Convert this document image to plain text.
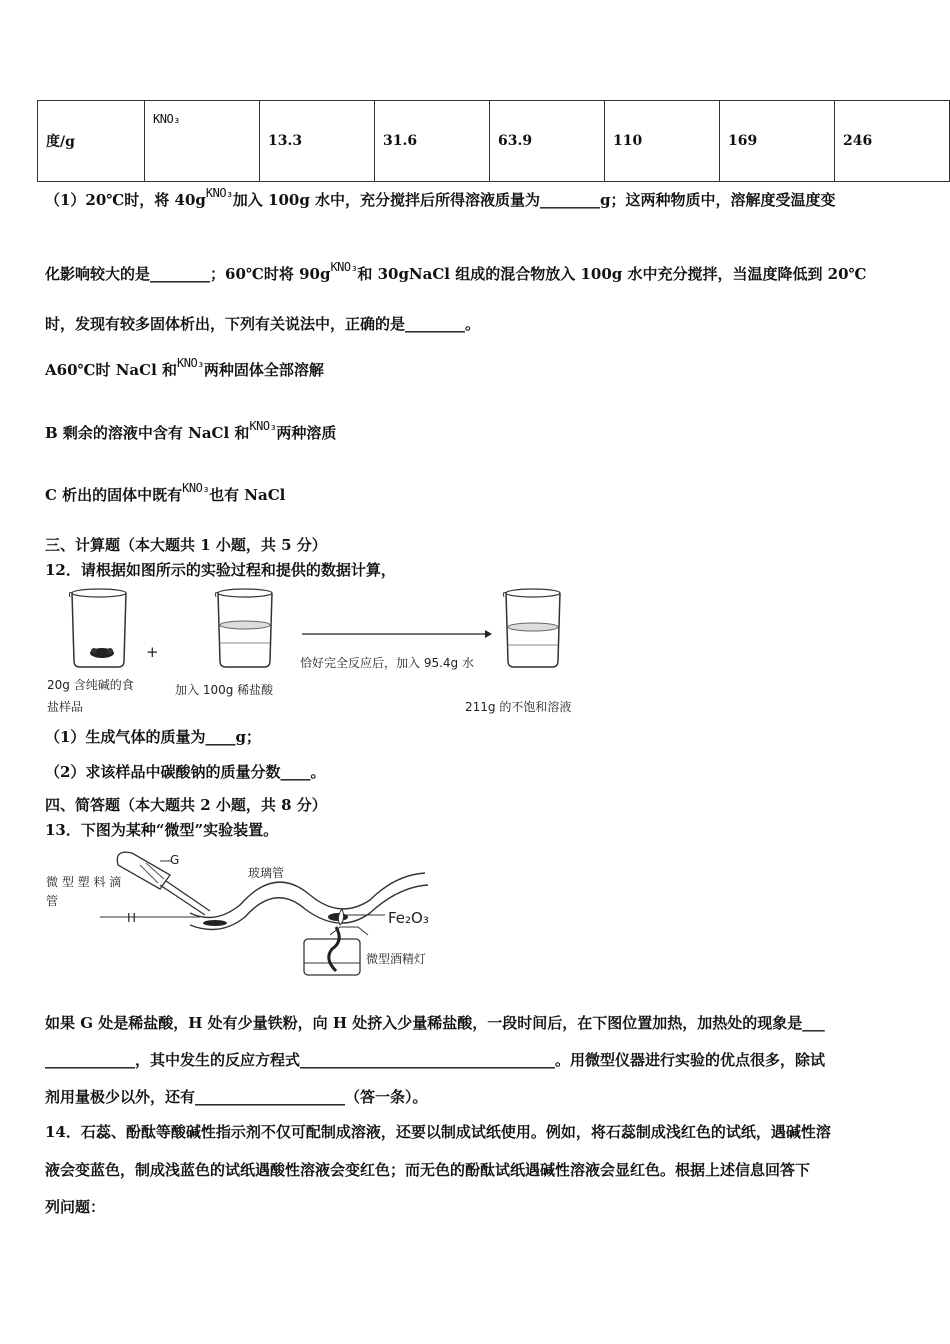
度/g	KNO₃	13.3	31.6	63.9	110	169	246
（1）20℃时，将 $40g^{KNO_3}$加入 100g 水中，充分搅拌后所得溶液质量为________g；这两种物质中，溶解度受温度变
化影响较大的是________；60℃时将 $90g^{KNO_3}$和 30gNaCl 组成的混合物放入 100g 水中充分搅拌，当温度降低到 20℃
时，发现有较多固体析出，下列有关说法中，正确的是________。
A60℃时 NaCl 和$^{KNO_3}$两种固体全部溶解
B 剩余的溶液中含有 NaCl 和$^{KNO_3}$两种溶质
C 析出的固体中既有$^{KNO_3}$也有 NaCl
三、计算题（本大题共 1 小题，共 5 分）
12．请根据如图所示的实验过程和提供的数据计算，
+
20g 含纯碱的食
盐样品
加入 100g 稀盐酸
恰好完全反应后，加入 95.4g 水
211g 的不饱和溶液
（1）生成气体的质量为____g；
（2）求该样品中碳酸钠的质量分数____。
四、简答题（本大题共 2 小题，共 8 分）
13．下图为某种“微型”实验装置。
微 型 塑 料 滴
管
G
H
玻璃管
Fe₂O₃
微型酒精灯
如果 G 处是稀盐酸，H 处有少量铁粉，向 H 处挤入少量稀盐酸，一段时间后，在下图位置加热，加热处的现象是___
____________，其中发生的反应方程式__________________________________。用微型仪器进行实验的优点很多，除试
剂用量极少以外，还有____________________（答一条）。
14．石蕊、酚酞等酸碱性指示剂不仅可配制成溶液，还要以制成试纸使用。例如，将石蕊制成浅红色的试纸，遇碱性溶
液会变蓝色，制成浅蓝色的试纸遇酸性溶液会变红色；而无色的酚酞试纸遇碱性溶液会显红色。根据上述信息回答下
列问题：
